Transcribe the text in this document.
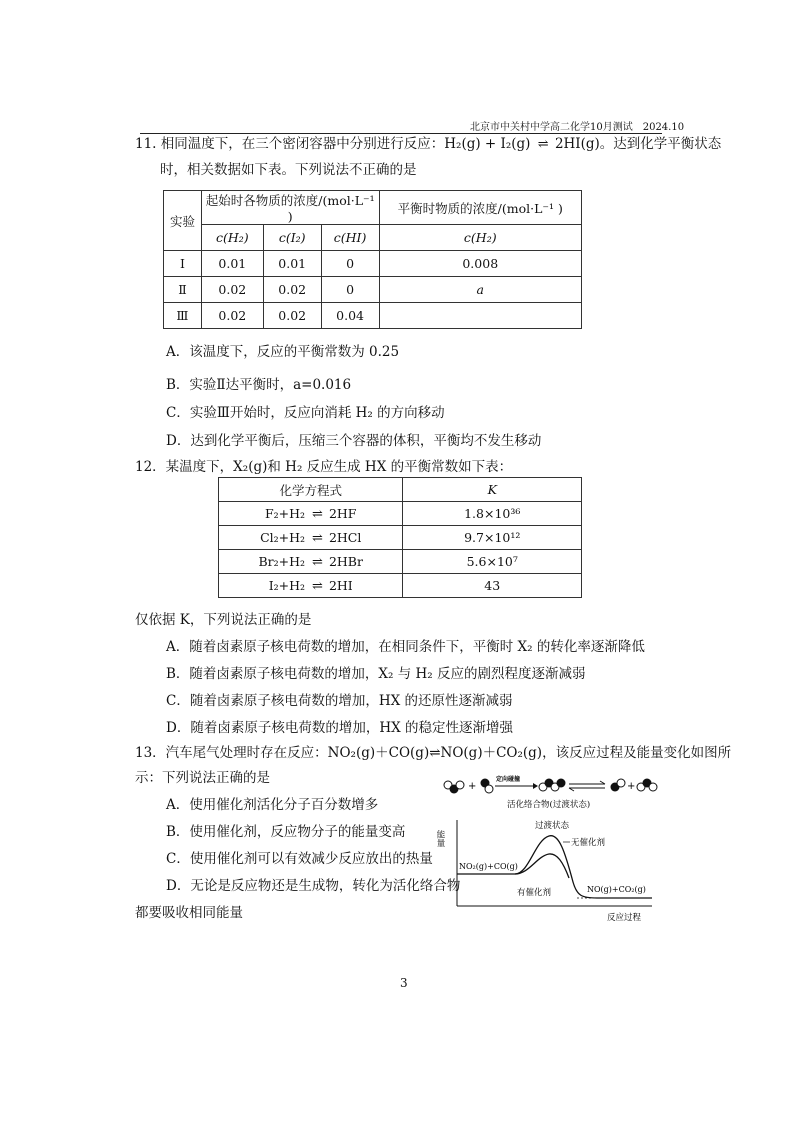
北京市中关村中学高二化学10月测试　2024.10
11. 相同温度下，在三个密闭容器中分别进行反应：H₂(g) + I₂(g) ⇌ 2HI(g)。达到化学平衡状态
时，相关数据如下表。下列说法不正确的是
实验	起始时各物质的浓度/(mol·L⁻¹ )			平衡时物质的浓度/(mol·L⁻¹ )
	c(H₂)	c(I₂)	c(HI)	c(H₂)
Ⅰ	0.01	0.01	0	0.008
Ⅱ	0.02	0.02	0	a
Ⅲ	0.02	0.02	0.04	
A．该温度下，反应的平衡常数为 0.25
B．实验Ⅱ达平衡时，a=0.016
C．实验Ⅲ开始时，反应向消耗 H₂ 的方向移动
D．达到化学平衡后，压缩三个容器的体积，平衡均不发生移动
12．某温度下，X₂(g)和 H₂ 反应生成 HX 的平衡常数如下表：
化学方程式	K
F₂+H₂ ⇌ 2HF	1.8×10³⁶
Cl₂+H₂ ⇌ 2HCl	9.7×10¹²
Br₂+H₂ ⇌ 2HBr	5.6×10⁷
I₂+H₂ ⇌ 2HI	43
仅依据 K，下列说法正确的是
A．随着卤素原子核电荷数的增加，在相同条件下，平衡时 X₂ 的转化率逐渐降低
B．随着卤素原子核电荷数的增加，X₂ 与 H₂ 反应的剧烈程度逐渐减弱
C．随着卤素原子核电荷数的增加，HX 的还原性逐渐减弱
D．随着卤素原子核电荷数的增加，HX 的稳定性逐渐增强
13．汽车尾气处理时存在反应：NO₂(g)＋CO(g)⇌NO(g)＋CO₂(g)，该反应过程及能量变化如图所
示：下列说法正确的是
A．使用催化剂活化分子百分数增多
B．使用催化剂，反应物分子的能量变高
C．使用催化剂可以有效减少反应放出的热量
D．无论是反应物还是生成物，转化为活化络合物
都要吸收相同能量
+
定向碰撞
+
活化络合物(过渡状态)
能量
反应过程
过渡状态
无催化剂
NO₂(g)+CO(g)
有催化剂	NO(g)+CO₂(g)
3
